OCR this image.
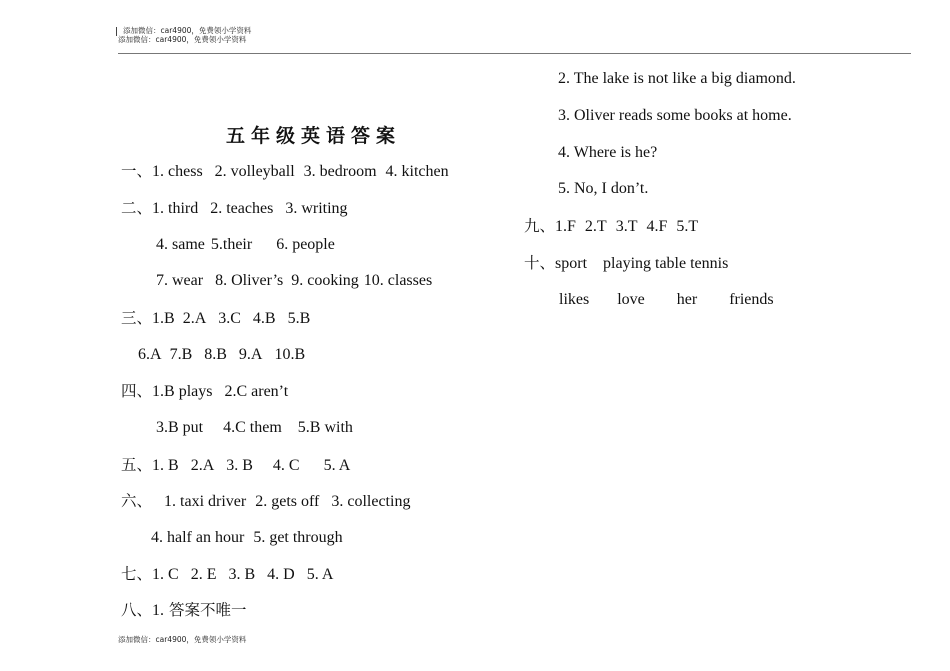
添加微信：car4900，免费领小学资料
添加微信：car4900，免费领小学资料
五年级英语答案
一、1. chess 2. volleyball 3. bedroom 4. kitchen
二、1. third 2. teaches 3. writing
4. same 5.their 6. people
7. wear 8. Oliver’s 9. cooking 10. classes
三、1.B 2.A 3.C 4.B 5.B
6.A 7.B 8.B 9.A 10.B
四、1.B plays 2.C aren’t
3.B put 4.C them 5.B with
五、1. B 2.A 3. B 4. C 5. A
六、 1. taxi driver 2. gets off 3. collecting
4. half an hour 5. get through
七、1. C 2. E 3. B 4. D 5. A
八、1. 答案不唯一
2. The lake is not like a big diamond.
3. Oliver reads some books at home.
4. Where is he?
5. No, I don’t.
九、1.F 2.T 3.T 4.F 5.T
十、sport playing table tennis
likes love her friends
添加微信：car4900，免费领小学资料
